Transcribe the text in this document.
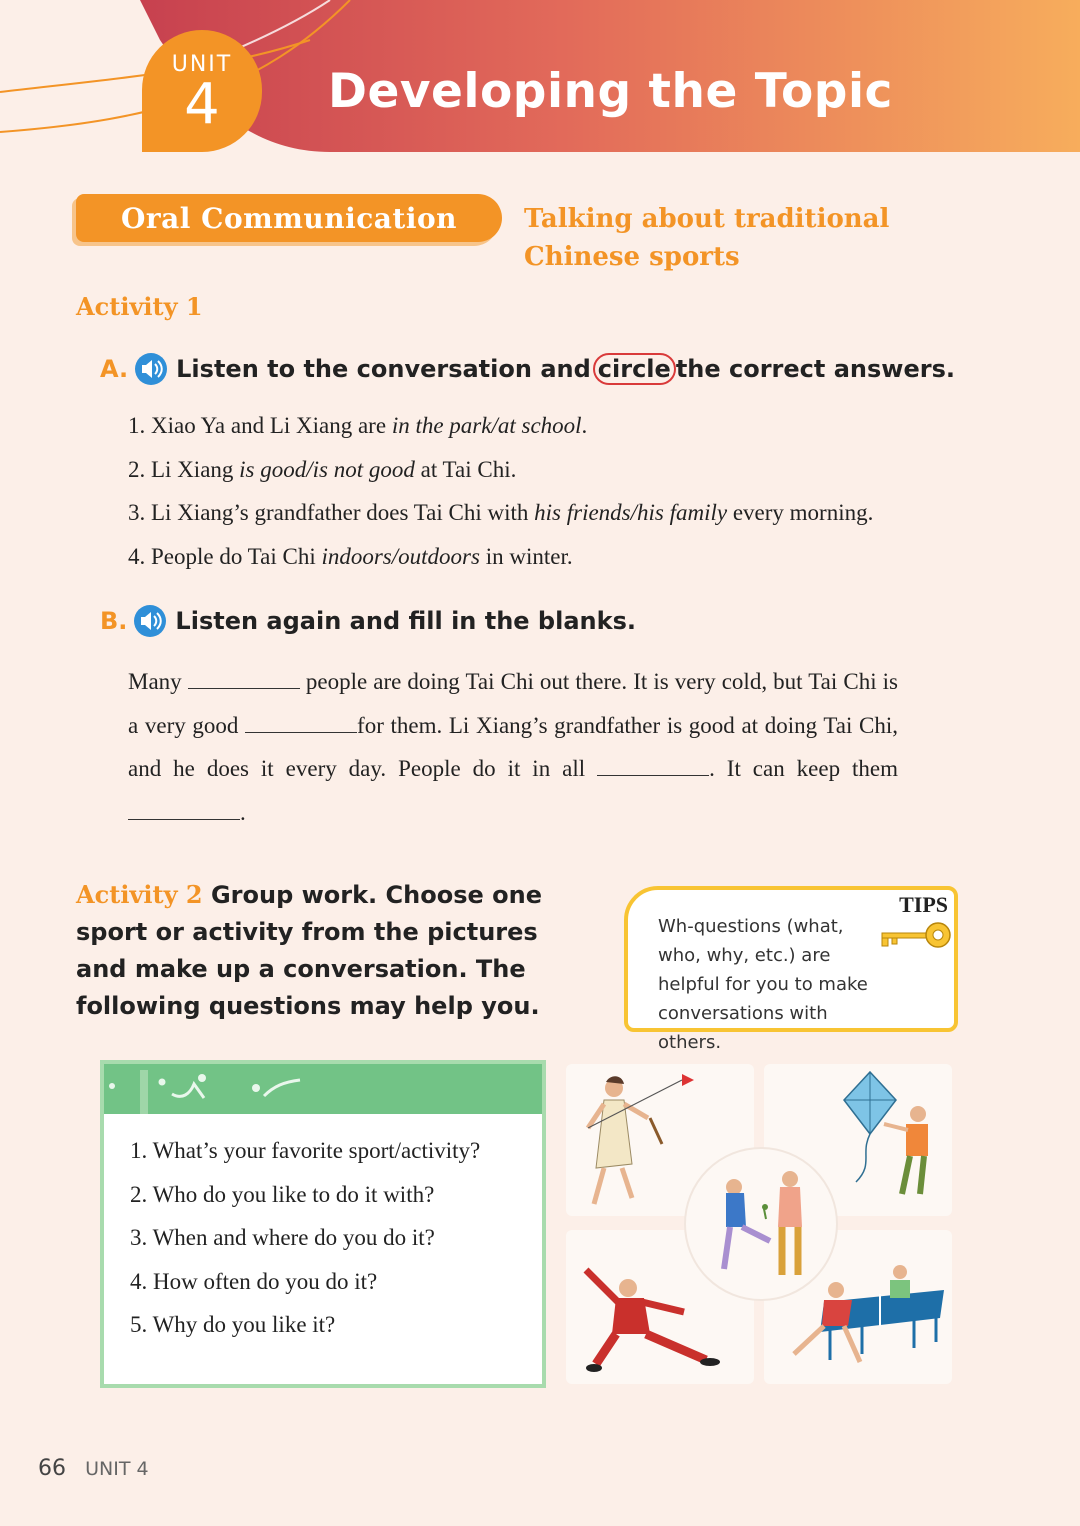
UNIT
4	Developing the Topic
Oral Communication	Talking about traditional Chinese sports
Activity 1
A. Listen to the conversation and circle the correct answers.
1. Xiao Ya and Li Xiang are in the park/at school.
2. Li Xiang is good/is not good at Tai Chi.
3. Li Xiang’s grandfather does Tai Chi with his friends/his family every morning.
4. People do Tai Chi indoors/outdoors in winter.
B. Listen again and fill in the blanks.
Many	people are doing Tai Chi out there. It is very cold, but Tai Chi is a very good	for them. Li Xiang’s grandfather is good at doing Tai Chi, and he does it every day. People do it in all	. It can keep them .
Activity 2 Group work. Choose one sport or activity from the pictures and make up a conversation. The following questions may help you.
TIPS
Wh-questions (what, who, why, etc.) are helpful for you to make conversations with others.
1. What’s your favorite sport/activity?
2. Who do you like to do it with?
3. When and where do you do it?
4. How often do you do it?
5. Why do you like it?
66 UNIT 4
